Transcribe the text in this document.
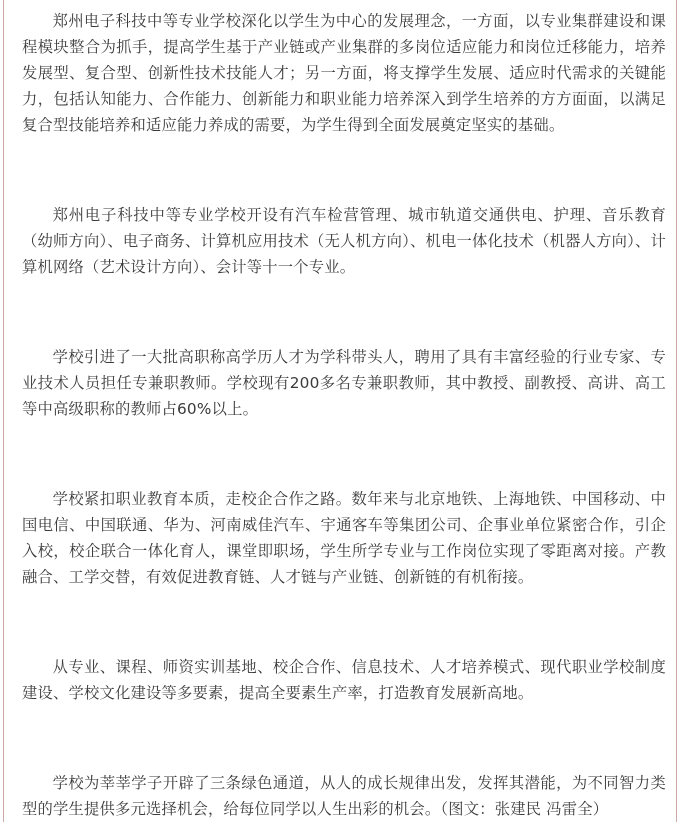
郑州电子科技中等专业学校深化以学生为中心的发展理念，一方面，以专业集群建设和课程模块整合为抓手，提高学生基于产业链或产业集群的多岗位适应能力和岗位迁移能力，培养发展型、复合型、创新性技术技能人才；另一方面，将支撑学生发展、适应时代需求的关键能力，包括认知能力、合作能力、创新能力和职业能力培养深入到学生培养的方方面面，以满足复合型技能培养和适应能力养成的需要，为学生得到全面发展奠定坚实的基础。

郑州电子科技中等专业学校开设有汽车检营管理、城市轨道交通供电、护理、音乐教育（幼师方向）、电子商务、计算机应用技术（无人机方向）、机电一体化技术（机器人方向）、计算机网络（艺术设计方向）、会计等十一个专业。

学校引进了一大批高职称高学历人才为学科带头人，聘用了具有丰富经验的行业专家、专业技术人员担任专兼职教师。学校现有200多名专兼职教师，其中教授、副教授、高讲、高工等中高级职称的教师占60%以上。

学校紧扣职业教育本质，走校企合作之路。数年来与北京地铁、上海地铁、中国移动、中国电信、中国联通、华为、河南威佳汽车、宇通客车等集团公司、企事业单位紧密合作，引企入校，校企联合一体化育人，课堂即职场，学生所学专业与工作岗位实现了零距离对接。产教融合、工学交替，有效促进教育链、人才链与产业链、创新链的有机衔接。

从专业、课程、师资实训基地、校企合作、信息技术、人才培养模式、现代职业学校制度建设、学校文化建设等多要素，提高全要素生产率，打造教育发展新高地。

学校为莘莘学子开辟了三条绿色通道，从人的成长规律出发，发挥其潜能，为不同智力类型的学生提供多元选择机会，给每位同学以人生出彩的机会。（图文：张建民 冯雷全）
